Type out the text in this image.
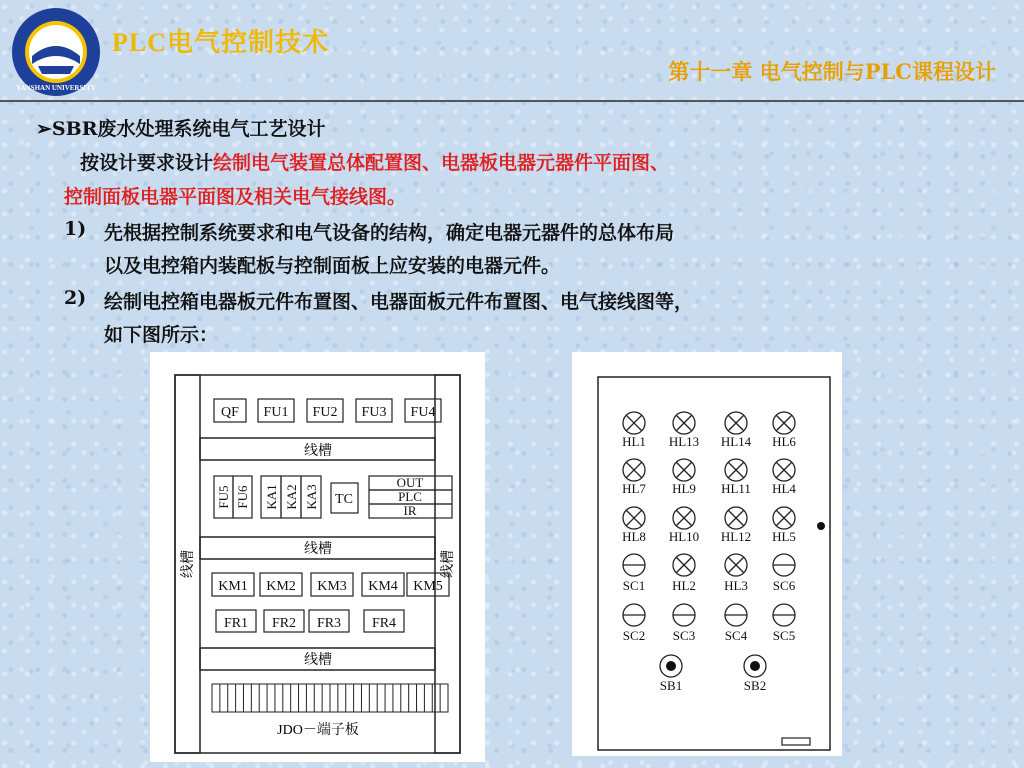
YANSHAN UNIVERSITY
PLC电气控制技术
第十一章 电气控制与PLC课程设计
➢SBR废水处理系统电气工艺设计
按设计要求设计绘制电气装置总体配置图、电器板电器元器件平面图、
控制面板电器平面图及相关电气接线图。
1) 先根据控制系统要求和电气设备的结构，确定电器元器件的总体布局
以及电控箱内装配板与控制面板上应安装的电器元件。
2) 绘制电控箱电器板元件布置图、电器面板元件布置图、电气接线图等，
如下图所示：
QF FU1 FU2 FU3 FU4
线槽
FU5 FU6 KA1 KA2 KA3 TC
OUT
PLC
IR
线槽
线槽	线槽
KM1 KM2 KM3 KM4 KM5
FR1 FR2 FR3 FR4
线槽
JDO－端子板
HL1 HL13 HL14 HL6
HL7 HL9 HL11 HL4
HL8 HL10 HL12 HL5
SC1 HL2 HL3 SC6
SC2 SC3 SC4 SC5
SB1	SB2
